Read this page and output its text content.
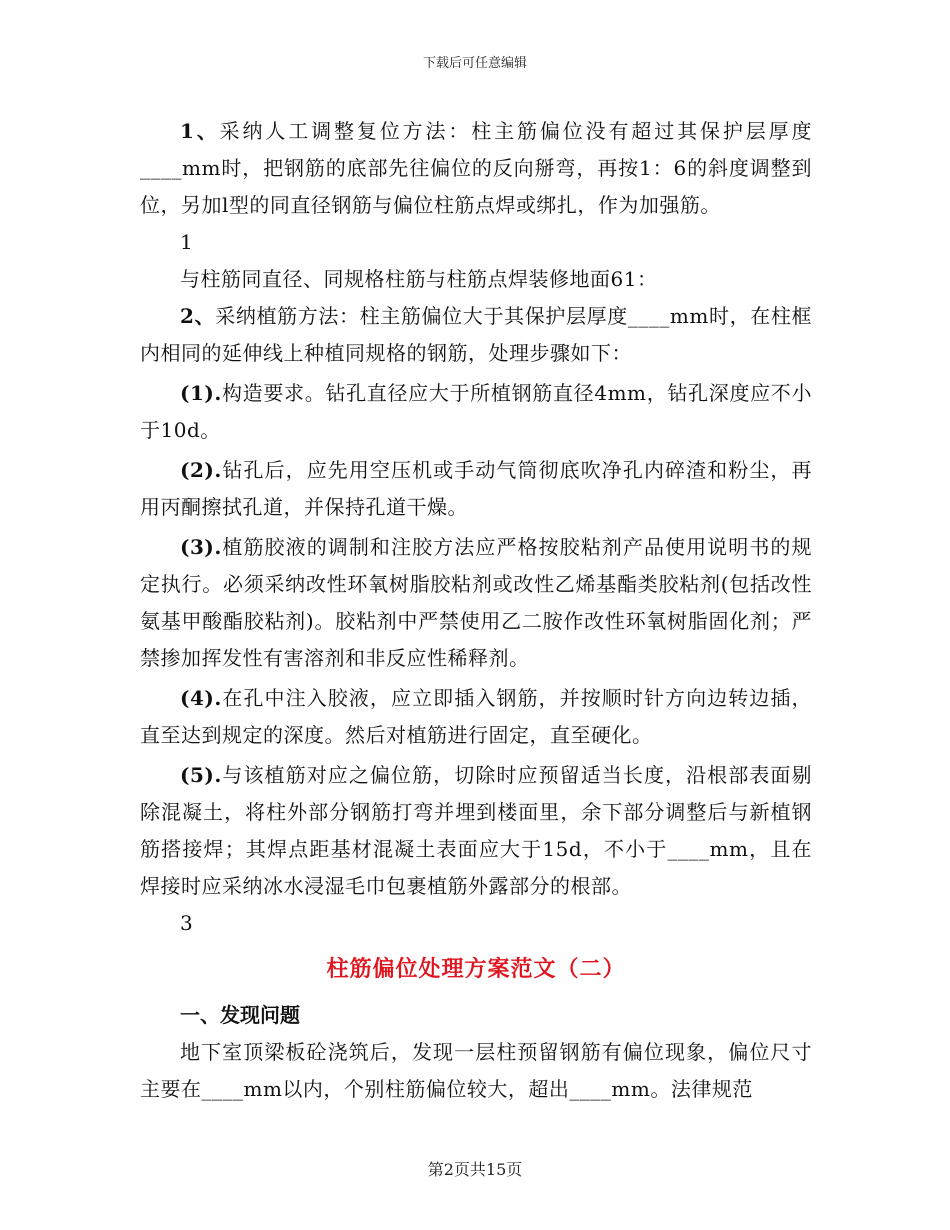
下载后可任意编辑

1、采纳人工调整复位方法：柱主筋偏位没有超过其保护层厚度____mm时，把钢筋的底部先往偏位的反向掰弯，再按1：6的斜度调整到位，另加l型的同直径钢筋与偏位柱筋点焊或绑扎，作为加强筋。

1

与柱筋同直径、同规格柱筋与柱筋点焊装修地面61：

2、采纳植筋方法：柱主筋偏位大于其保护层厚度____mm时，在柱框内相同的延伸线上种植同规格的钢筋，处理步骤如下：

(1).构造要求。钻孔直径应大于所植钢筋直径4mm，钻孔深度应不小于10d。

(2).钻孔后，应先用空压机或手动气筒彻底吹净孔内碎渣和粉尘，再用丙酮擦拭孔道，并保持孔道干燥。

(3).植筋胶液的调制和注胶方法应严格按胶粘剂产品使用说明书的规定执行。必须采纳改性环氧树脂胶粘剂或改性乙烯基酯类胶粘剂(包括改性氨基甲酸酯胶粘剂)。胶粘剂中严禁使用乙二胺作改性环氧树脂固化剂；严禁掺加挥发性有害溶剂和非反应性稀释剂。

(4).在孔中注入胶液，应立即插入钢筋，并按顺时针方向边转边插，直至达到规定的深度。然后对植筋进行固定，直至硬化。

(5).与该植筋对应之偏位筋，切除时应预留适当长度，沿根部表面剔除混凝土，将柱外部分钢筋打弯并埋到楼面里，余下部分调整后与新植钢筋搭接焊；其焊点距基材混凝土表面应大于15d，不小于____mm，且在焊接时应采纳冰水浸湿毛巾包裹植筋外露部分的根部。

3

柱筋偏位处理方案范文（二）

一、发现问题

地下室顶梁板砼浇筑后，发现一层柱预留钢筋有偏位现象，偏位尺寸主要在____mm以内，个别柱筋偏位较大，超出____mm。法律规范

第2页共15页
